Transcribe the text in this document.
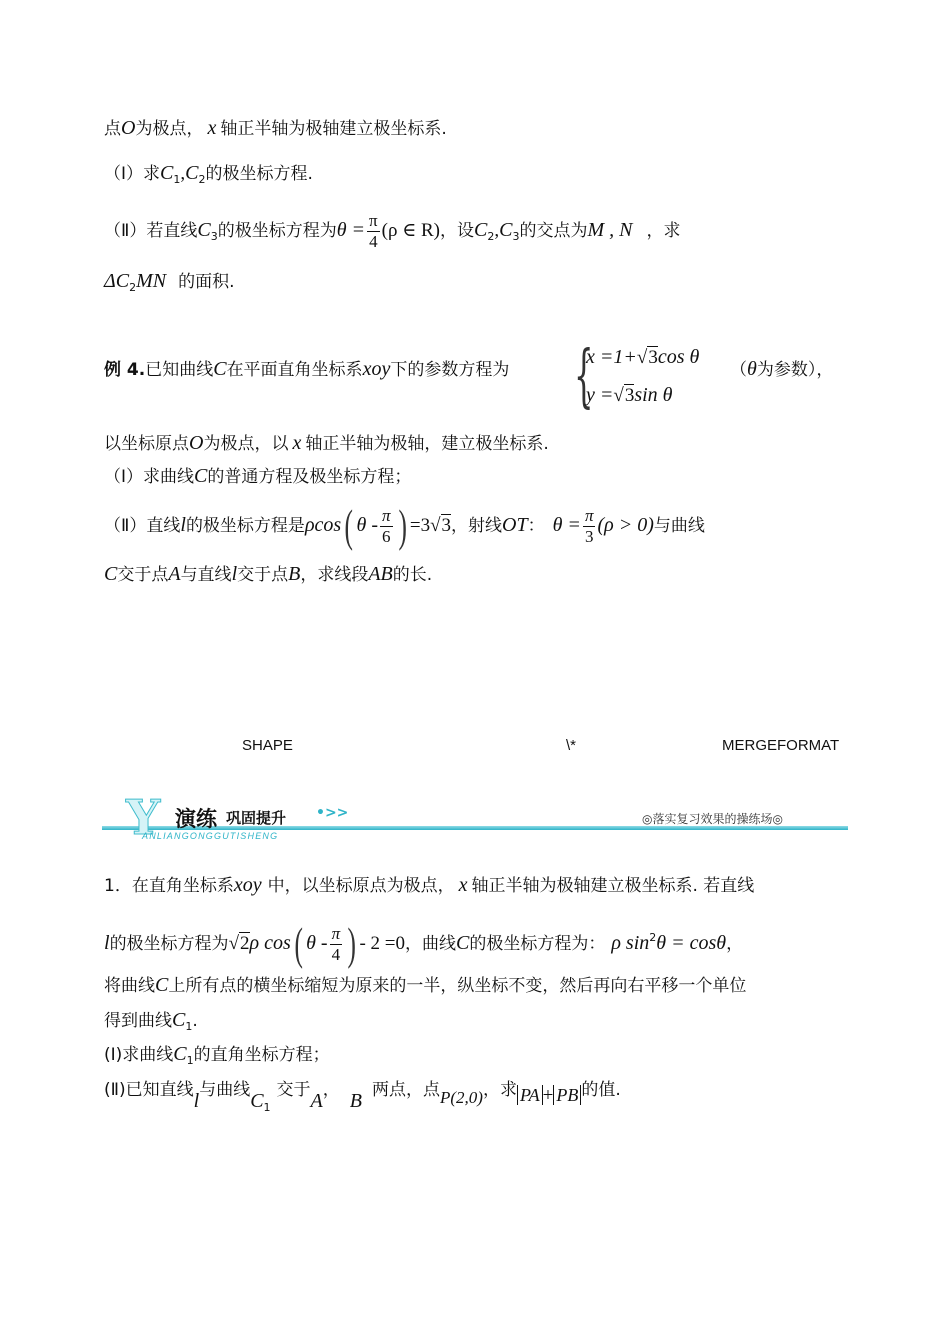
点O为极点， x 轴正半轴为极轴建立极坐标系.
（Ⅰ）求$C_1,C_2$的极坐标方程.
（Ⅱ）若直线$C_3$的极坐标方程为$\theta = \frac{\pi}{4} (\rho$ ∈ R)，设$C_2,C_3$的交点为M , N ，求
$\Delta C_2MN$ 的面积.
例 4.已知曲线C在平面直角坐标系xoy下的参数方程为 {
x =1+√3cos θ
y =√3sin θ
（θ为参数），
以坐标原点O为极点，以 x 轴正半轴为极轴，建立极坐标系.
（Ⅰ）求曲线C的普通方程及极坐标方程；
（Ⅱ）直线l的极坐标方程是ρcos( θ - $\frac{\pi}{6}$ ) =3√3，射线OT： $\theta = \frac{\pi}{3} (\rho > 0)$与曲线
C交于点A与直线l交于点B，求线段AB的长.
SHAPE	\*	MERGEFORMAT
Y 演练 巩固提升 •>>	◎落实复习效果的操练场◎
ANLIANGONGGUTISHENG
1．在直角坐标系xoy 中，以坐标原点为极点， x 轴正半轴为极轴建立极坐标系. 若直线
l的极坐标方程为√2ρ cos( θ - $\frac{\pi}{4}$ ) - 2 =0，曲线C的极坐标方程为： ρ $\sin^2\theta = \cos\theta$，
将曲线C上所有点的横坐标缩短为原来的一半，纵坐标不变，然后再向右平移一个单位
得到曲线$C_1$.
(Ⅰ)求曲线$C_1$的直角坐标方程；
(Ⅱ)已知直线l与曲线$C_1$交于A， B 两点，点P(2,0)，求 PA + PB 的值.
